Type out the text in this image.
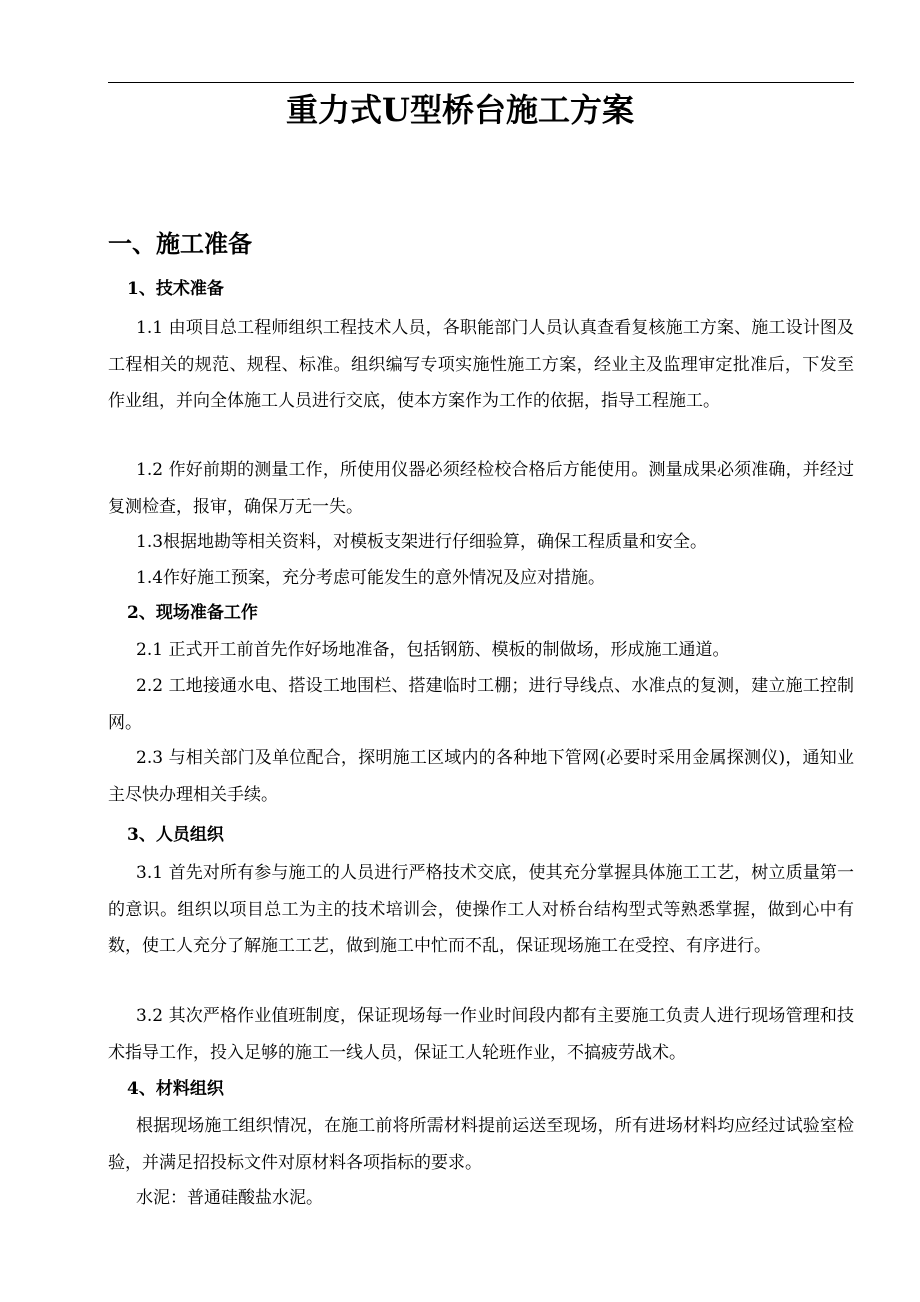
重力式U型桥台施工方案
一、施工准备
1、技术准备

1.1 由项目总工程师组织工程技术人员，各职能部门人员认真查看复核施工方案、施工设计图及工程相关的规范、规程、标准。组织编写专项实施性施工方案，经业主及监理审定批准后，下发至作业组，并向全体施工人员进行交底，使本方案作为工作的依据，指导工程施工。

1.2 作好前期的测量工作，所使用仪器必须经检校合格后方能使用。测量成果必须准确，并经过复测检查，报审，确保万无一失。

1.3根据地勘等相关资料，对模板支架进行仔细验算，确保工程质量和安全。

1.4作好施工预案，充分考虑可能发生的意外情况及应对措施。

2、现场准备工作

2.1 正式开工前首先作好场地准备，包括钢筋、模板的制做场，形成施工通道。

2.2 工地接通水电、搭设工地围栏、搭建临时工棚；进行导线点、水准点的复测，建立施工控制网。

2.3 与相关部门及单位配合，探明施工区域内的各种地下管网(必要时采用金属探测仪)，通知业主尽快办理相关手续。

3、人员组织

3.1 首先对所有参与施工的人员进行严格技术交底，使其充分掌握具体施工工艺，树立质量第一的意识。组织以项目总工为主的技术培训会，使操作工人对桥台结构型式等熟悉掌握，做到心中有数，使工人充分了解施工工艺，做到施工中忙而不乱，保证现场施工在受控、有序进行。

3.2 其次严格作业值班制度，保证现场每一作业时间段内都有主要施工负责人进行现场管理和技术指导工作，投入足够的施工一线人员，保证工人轮班作业，不搞疲劳战术。

4、材料组织

根据现场施工组织情况，在施工前将所需材料提前运送至现场，所有进场材料均应经过试验室检验，并满足招投标文件对原材料各项指标的要求。

水泥：普通硅酸盐水泥。
